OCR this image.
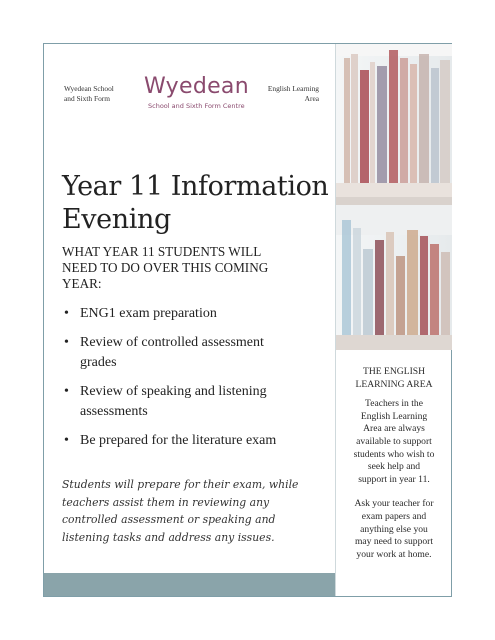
Wyedean School
and Sixth Form	Wyedean
School and Sixth Form Centre
English Learning
Area
Year 11 Information
Evening

WHAT YEAR 11 STUDENTS WILL
NEED TO DO OVER THIS COMING
YEAR:

• ENG1 exam preparation
• Review of controlled assessment
grades
• Review of speaking and listening
assessments
• Be prepared for the literature exam

Students will prepare for their exam, while
teachers assist them in reviewing any
controlled assessment or speaking and
listening tasks and address any issues.

THE ENGLISH
LEARNING AREA

Teachers in the
English Learning
Area are always
available to support
students who wish to
seek help and
support in year 11.

Ask your teacher for
exam papers and
anything else you
may need to support
your work at home.
